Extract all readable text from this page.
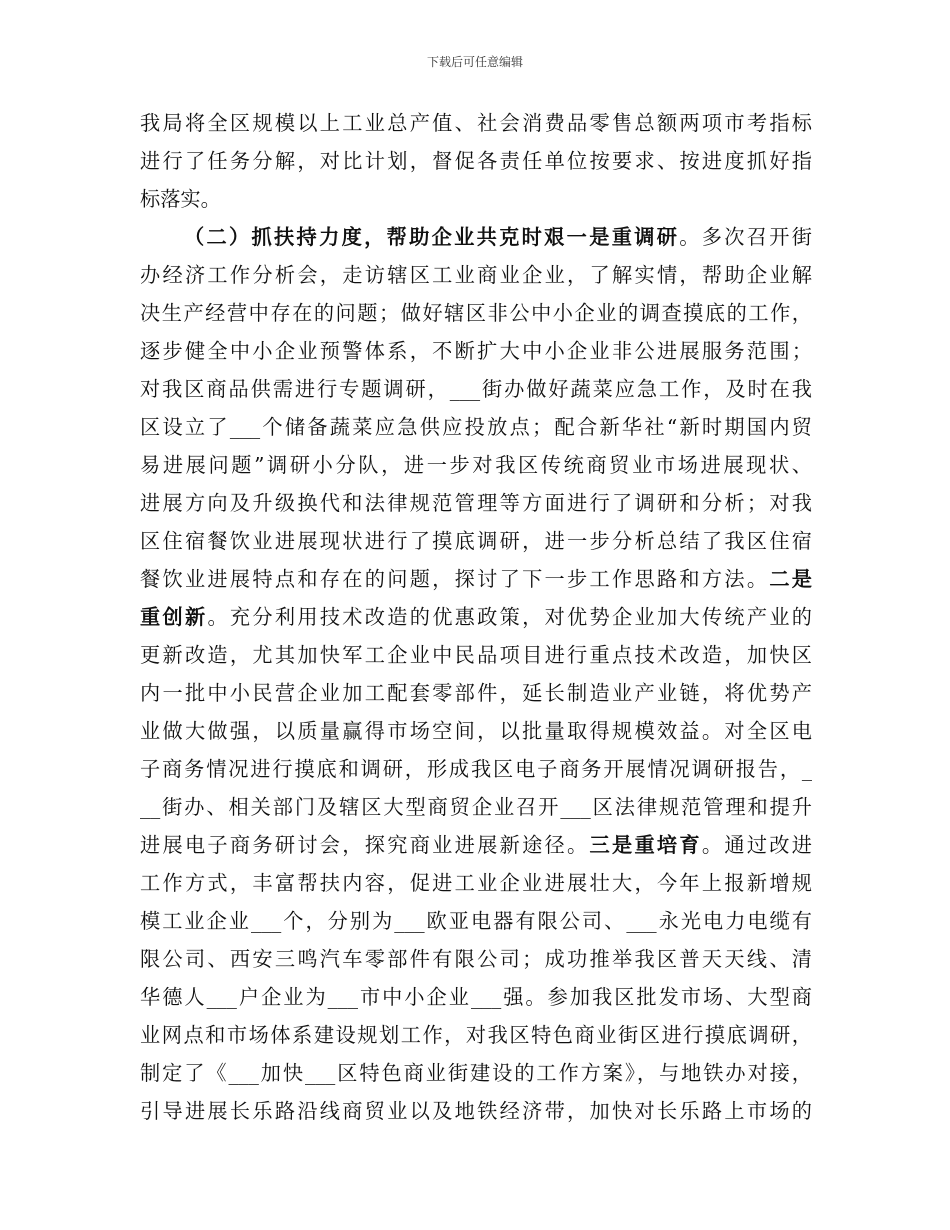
下载后可任意编辑
我局将全区规模以上工业总产值、社会消费品零售总额两项市考指标
进行了任务分解，对比计划，督促各责任单位按要求、按进度抓好指
标落实。
（二）抓扶持力度，帮助企业共克时艰一是重调研。多次召开街
办经济工作分析会，走访辖区工业商业企业，了解实情，帮助企业解
决生产经营中存在的问题；做好辖区非公中小企业的调查摸底的工作，
逐步健全中小企业预警体系，不断扩大中小企业非公进展服务范围；
对我区商品供需进行专题调研，___街办做好蔬菜应急工作，及时在我
区设立了___个储备蔬菜应急供应投放点；配合新华社“新时期国内贸
易进展问题”调研小分队，进一步对我区传统商贸业市场进展现状、
进展方向及升级换代和法律规范管理等方面进行了调研和分析；对我
区住宿餐饮业进展现状进行了摸底调研，进一步分析总结了我区住宿
餐饮业进展特点和存在的问题，探讨了下一步工作思路和方法。二是
重创新。充分利用技术改造的优惠政策，对优势企业加大传统产业的
更新改造，尤其加快军工企业中民品项目进行重点技术改造，加快区
内一批中小民营企业加工配套零部件，延长制造业产业链，将优势产
业做大做强，以质量赢得市场空间，以批量取得规模效益。对全区电
子商务情况进行摸底和调研，形成我区电子商务开展情况调研报告，_
__街办、相关部门及辖区大型商贸企业召开___区法律规范管理和提升
进展电子商务研讨会，探究商业进展新途径。三是重培育。通过改进
工作方式，丰富帮扶内容，促进工业企业进展壮大，今年上报新增规
模工业企业___个，分别为___欧亚电器有限公司、___永光电力电缆有
限公司、西安三鸣汽车零部件有限公司；成功推举我区普天天线、清
华德人___户企业为___市中小企业___强。参加我区批发市场、大型商
业网点和市场体系建设规划工作，对我区特色商业街区进行摸底调研，
制定了《___加快___区特色商业街建设的工作方案》，与地铁办对接，
引导进展长乐路沿线商贸业以及地铁经济带，加快对长乐路上市场的
